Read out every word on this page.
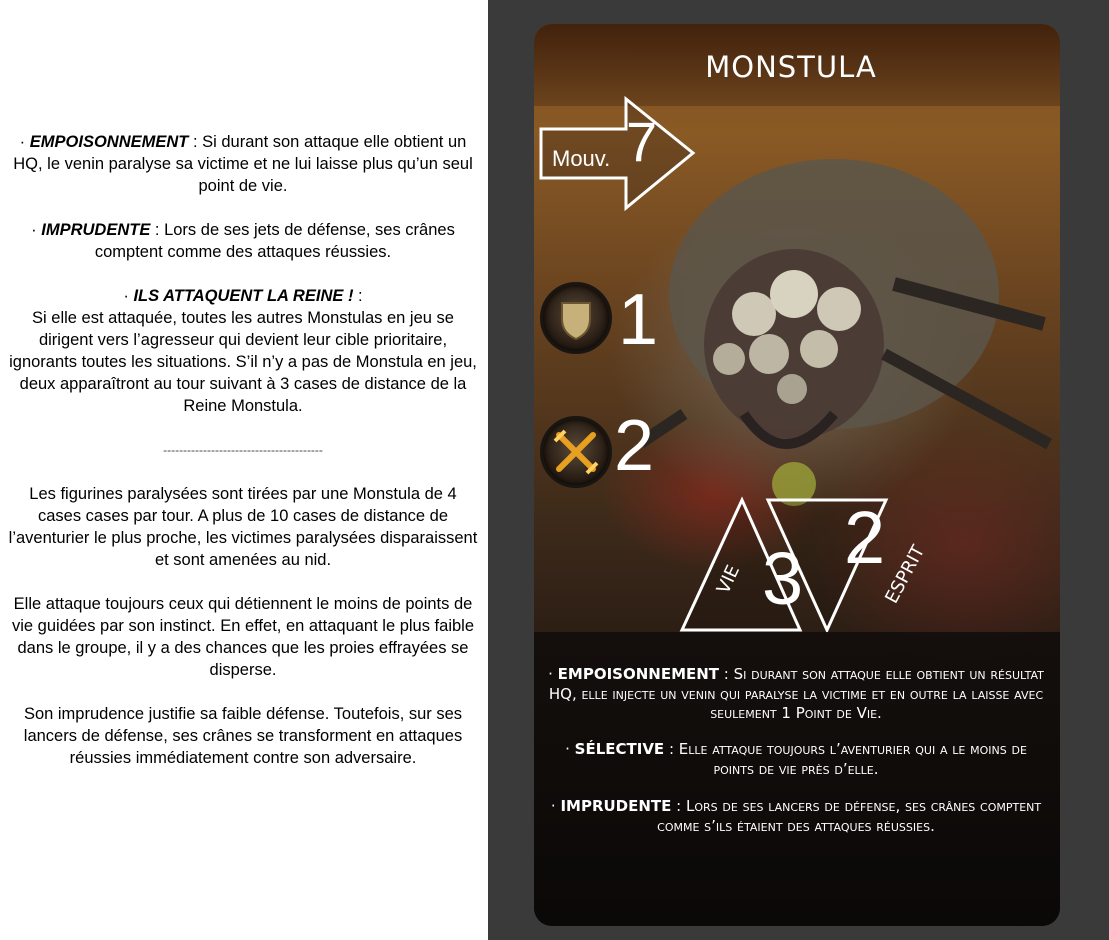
· EMPOISONNEMENT : Si durant son attaque elle obtient un HQ, le venin paralyse sa victime et ne lui laisse plus qu’un seul point de vie.

· IMPRUDENTE : Lors de ses jets de défense, ses crânes comptent comme des attaques réussies.

· ILS ATTAQUENT LA REINE ! :
Si elle est attaquée, toutes les autres Monstulas en jeu se dirigent vers l’agresseur qui devient leur cible prioritaire, ignorants toutes les situations. S’il n’y a pas de Monstula en jeu, deux apparaîtront au tour suivant à 3 cases de distance de la Reine Monstula.

----------------------------------------

Les figurines paralysées sont tirées par une Monstula de 4 cases cases par tour. A plus de 10 cases de distance de l’aventurier le plus proche, les victimes paralysées disparaissent et sont amenées au nid.

Elle attaque toujours ceux qui détiennent le moins de points de vie guidées par son instinct. En effet, en attaquant le plus faible dans le groupe, il y a des chances que les proies effrayées se disperse.

Son imprudence justifie sa faible défense. Toutefois, sur ses lancers de défense, ses crânes se transforment en attaques réussies immédiatement contre son adversaire.

MONSTULA
Mouv. 7
1
2
VIE 3 2
ESPRIT
· EMPOISONNEMENT : Si durant son attaque elle obtient un résultat HQ, elle injecte un venin qui paralyse la victime et en outre la laisse avec seulement 1 Point de Vie.
· SÉLECTIVE : Elle attaque toujours l’aventurier qui a le moins de points de vie près d’elle.
· IMPRUDENTE : Lors de ses lancers de défense, ses crânes comptent comme s’ils étaient des attaques réussies.
